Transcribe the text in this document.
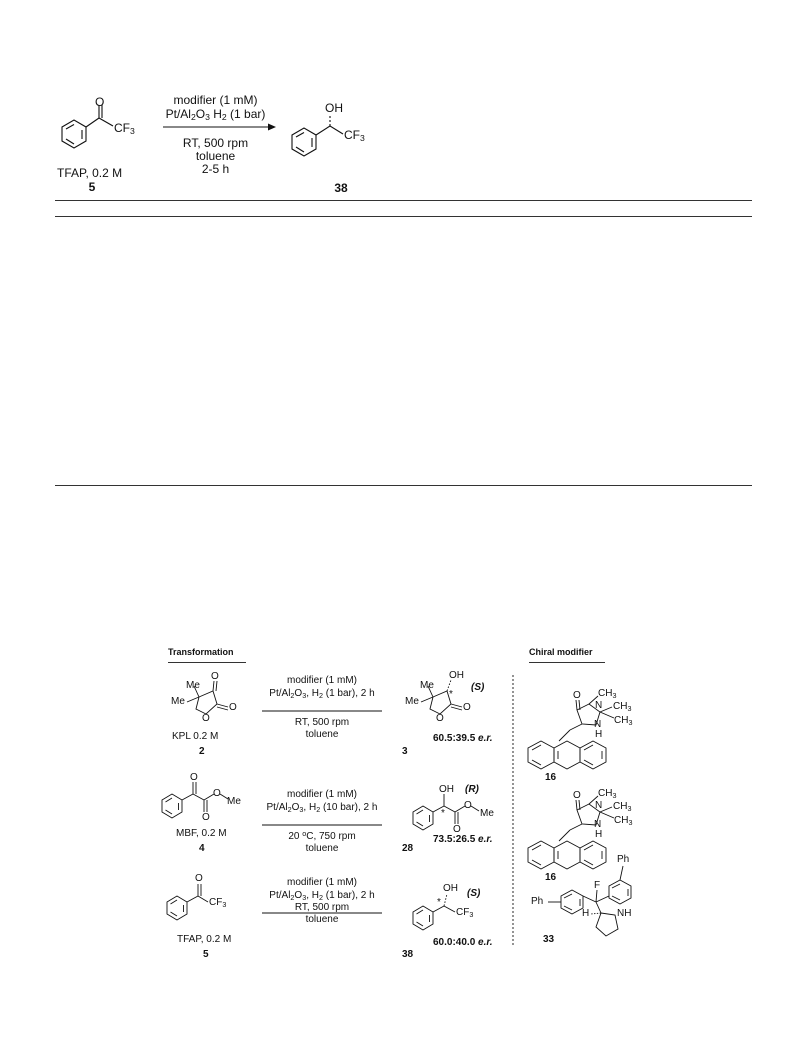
O
$CF_3$
TFAP, 0.2 M
5
modifier (1 mM)
$Pt/Al_2O_3$ $H_2$ (1 bar)
RT, 500 rpm
toluene
2-5 h
OH
$CF_3$
38
Transformation	Chiral modifier
Me
Me
O
O
O
KPL 0.2 M
2
modifier (1 mM)
$Pt/Al_2O_3$, $H_2$ (1 bar), 2 h
RT, 500 rpm
toluene
Me
Me
OH
*
(S)
O
O
3
60.5:39.5 e.r.
O
N
$CH_3$
$CH_3$
$CH_3$
N
H
16
O
O
O
Me
MBF, 0.2 M
4
modifier (1 mM)
$Pt/Al_2O_3$, $H_2$ (10 bar), 2 h
20 $^o$C, 750 rpm
toluene
OH (R)
*
O
O
Me
73.5:26.5 e.r.
28
O
N
$CH_3$
$CH_3$
$CH_3$
N
H
16
O
$CF_3$
TFAP, 0.2 M
5
modifier (1 mM)
$Pt/Al_2O_3$, $H_2$ (1 bar), 2 h
RT, 500 rpm
toluene
OH
*
(S)
$CF_3$
60.0:40.0 e.r.
38
Ph
Ph
F
H	NH
33
